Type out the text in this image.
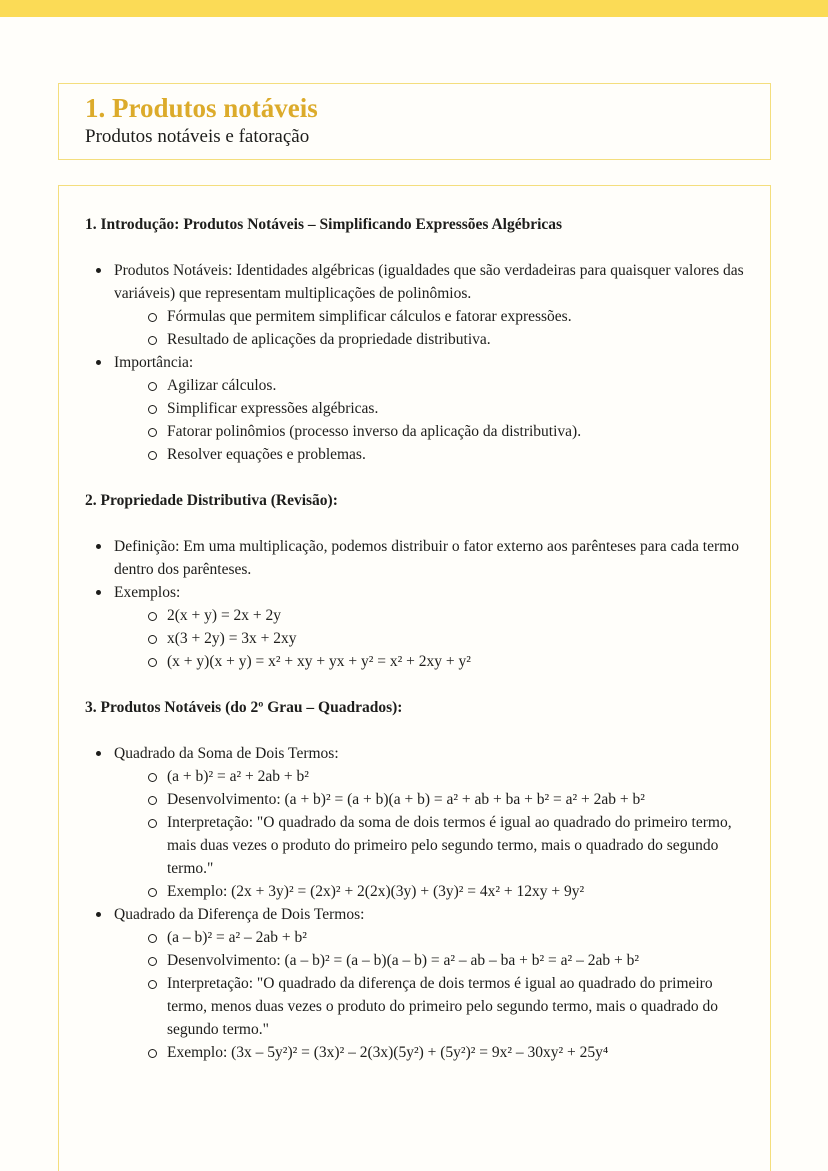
1. Produtos notáveis

Produtos notáveis e fatoração

1. Introdução: Produtos Notáveis – Simplificando Expressões Algébricas
Produtos Notáveis: Identidades algébricas (igualdades que são verdadeiras para quaisquer valores das variáveis) que representam multiplicações de polinômios.
Fórmulas que permitem simplificar cálculos e fatorar expressões.
Resultado de aplicações da propriedade distributiva.
Importância:
Agilizar cálculos.
Simplificar expressões algébricas.
Fatorar polinômios (processo inverso da aplicação da distributiva).
Resolver equações e problemas.
2. Propriedade Distributiva (Revisão):
Definição: Em uma multiplicação, podemos distribuir o fator externo aos parênteses para cada termo dentro dos parênteses.
Exemplos:
2(x + y) = 2x + 2y
x(3 + 2y) = 3x + 2xy
(x + y)(x + y) = x² + xy + yx + y² = x² + 2xy + y²
3. Produtos Notáveis (do 2º Grau – Quadrados):
Quadrado da Soma de Dois Termos:
(a + b)² = a² + 2ab + b²
Desenvolvimento: (a + b)² = (a + b)(a + b) = a² + ab + ba + b² = a² + 2ab + b²
Interpretação: "O quadrado da soma de dois termos é igual ao quadrado do primeiro termo, mais duas vezes o produto do primeiro pelo segundo termo, mais o quadrado do segundo termo."
Exemplo: (2x + 3y)² = (2x)² + 2(2x)(3y) + (3y)² = 4x² + 12xy + 9y²
Quadrado da Diferença de Dois Termos:
(a – b)² = a² – 2ab + b²
Desenvolvimento: (a – b)² = (a – b)(a – b) = a² – ab – ba + b² = a² – 2ab + b²
Interpretação: "O quadrado da diferença de dois termos é igual ao quadrado do primeiro termo, menos duas vezes o produto do primeiro pelo segundo termo, mais o quadrado do segundo termo."
Exemplo: (3x – 5y²)² = (3x)² – 2(3x)(5y²) + (5y²)² = 9x² – 30xy² + 25y⁴
